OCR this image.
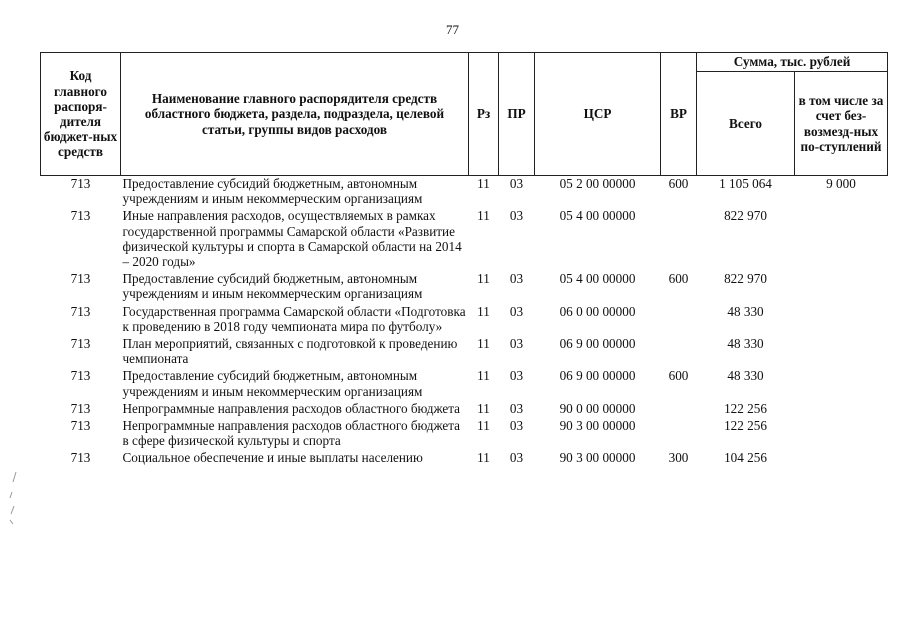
77
Код главного распоря-дителя бюджет-ных средств	Наименование главного распорядителя средств областного бюджета, раздела, подраздела, целевой статьи, группы видов расходов	Рз	ПР	ЦСР	ВР	Сумма, тыс. рублей	
						Всего	в том числе за счет без-возмезд-ных по-ступлений
713	Предоставление субсидий бюджетным, автономным учреждениям и иным некоммерческим организациям	11	03	05 2 00 00000	600	1 105 064	9 000
713	Иные направления расходов, осуществляемых в рамках государственной программы Самарской области «Развитие физической культуры и спорта в Самарской области на 2014 – 2020 годы»	11	03	05 4 00 00000		822 970	
713	Предоставление субсидий бюджетным, автономным учреждениям и иным некоммерческим организациям	11	03	05 4 00 00000	600	822 970	
713	Государственная программа Самарской области «Подготовка к проведению в 2018 году чемпионата мира по футболу»	11	03	06 0 00 00000		48 330	
713	План мероприятий, связанных с подготовкой к проведению чемпионата	11	03	06 9 00 00000		48 330	
713	Предоставление субсидий бюджетным, автономным учреждениям и иным некоммерческим организациям	11	03	06 9 00 00000	600	48 330	
713	Непрограммные направления расходов областного бюджета	11	03	90 0 00 00000		122 256	
713	Непрограммные направления расходов областного бюджета в сфере физической культуры и спорта	11	03	90 3 00 00000		122 256	
713	Социальное обеспечение и иные выплаты населению	11	03	90 3 00 00000	300	104 256	
